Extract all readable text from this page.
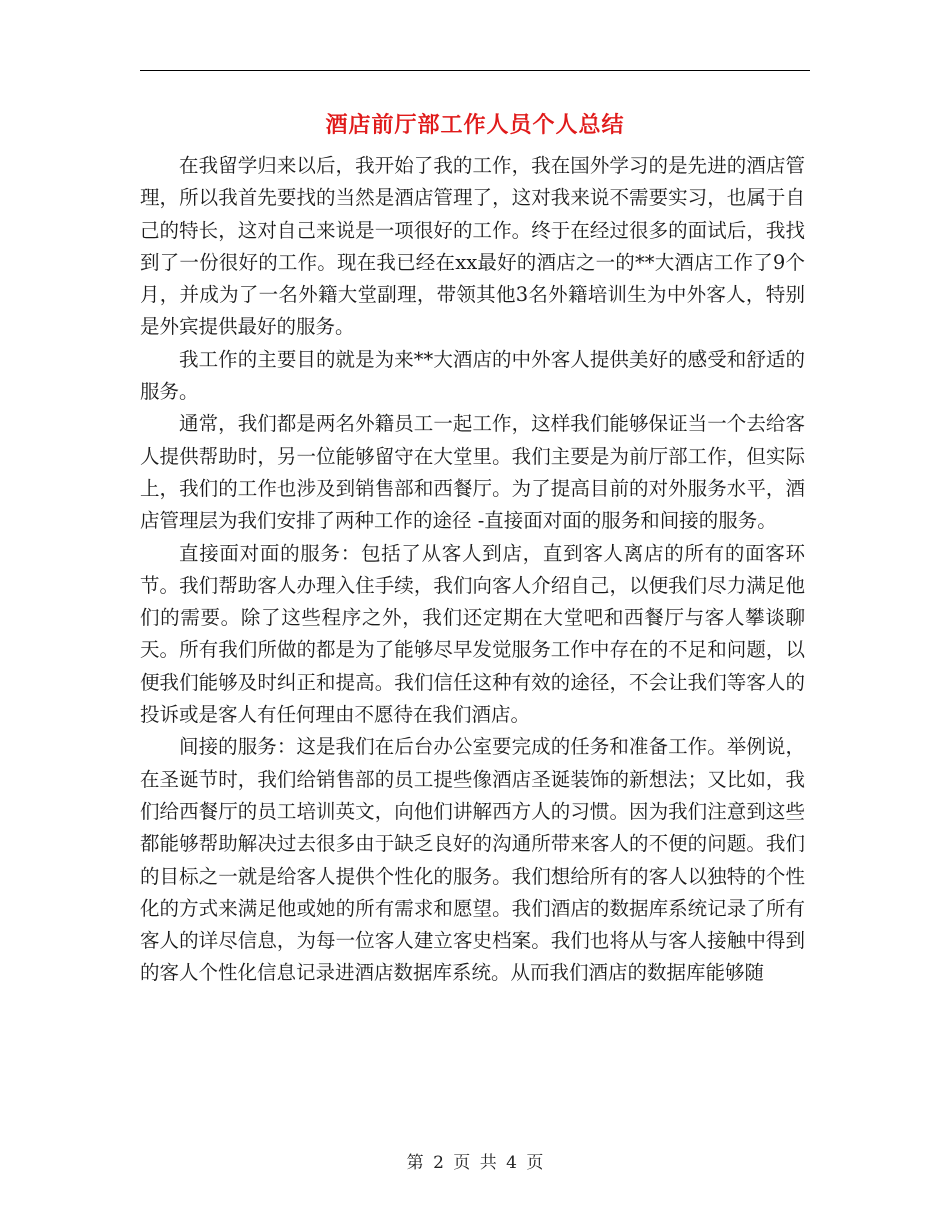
酒店前厅部工作人员个人总结

在我留学归来以后，我开始了我的工作，我在国外学习的是先进的酒店管理，所以我首先要找的当然是酒店管理了，这对我来说不需要实习，也属于自己的特长，这对自己来说是一项很好的工作。终于在经过很多的面试后，我找到了一份很好的工作。现在我已经在xx最好的酒店之一的**大酒店工作了9个月，并成为了一名外籍大堂副理，带领其他3名外籍培训生为中外客人，特别是外宾提供最好的服务。

我工作的主要目的就是为来**大酒店的中外客人提供美好的感受和舒适的服务。

通常，我们都是两名外籍员工一起工作，这样我们能够保证当一个去给客人提供帮助时，另一位能够留守在大堂里。我们主要是为前厅部工作，但实际上，我们的工作也涉及到销售部和西餐厅。为了提高目前的对外服务水平，酒店管理层为我们安排了两种工作的途径 -直接面对面的服务和间接的服务。

直接面对面的服务：包括了从客人到店，直到客人离店的所有的面客环节。我们帮助客人办理入住手续，我们向客人介绍自己，以便我们尽力满足他们的需要。除了这些程序之外，我们还定期在大堂吧和西餐厅与客人攀谈聊天。所有我们所做的都是为了能够尽早发觉服务工作中存在的不足和问题，以便我们能够及时纠正和提高。我们信任这种有效的途径，不会让我们等客人的投诉或是客人有任何理由不愿待在我们酒店。

间接的服务：这是我们在后台办公室要完成的任务和准备工作。举例说，在圣诞节时，我们给销售部的员工提些像酒店圣诞装饰的新想法；又比如，我们给西餐厅的员工培训英文，向他们讲解西方人的习惯。因为我们注意到这些都能够帮助解决过去很多由于缺乏良好的沟通所带来客人的不便的问题。我们的目标之一就是给客人提供个性化的服务。我们想给所有的客人以独特的个性化的方式来满足他或她的所有需求和愿望。我们酒店的数据库系统记录了所有客人的详尽信息，为每一位客人建立客史档案。我们也将从与客人接触中得到的客人个性化信息记录进酒店数据库系统。从而我们酒店的数据库能够随

第 2 页 共 4 页
